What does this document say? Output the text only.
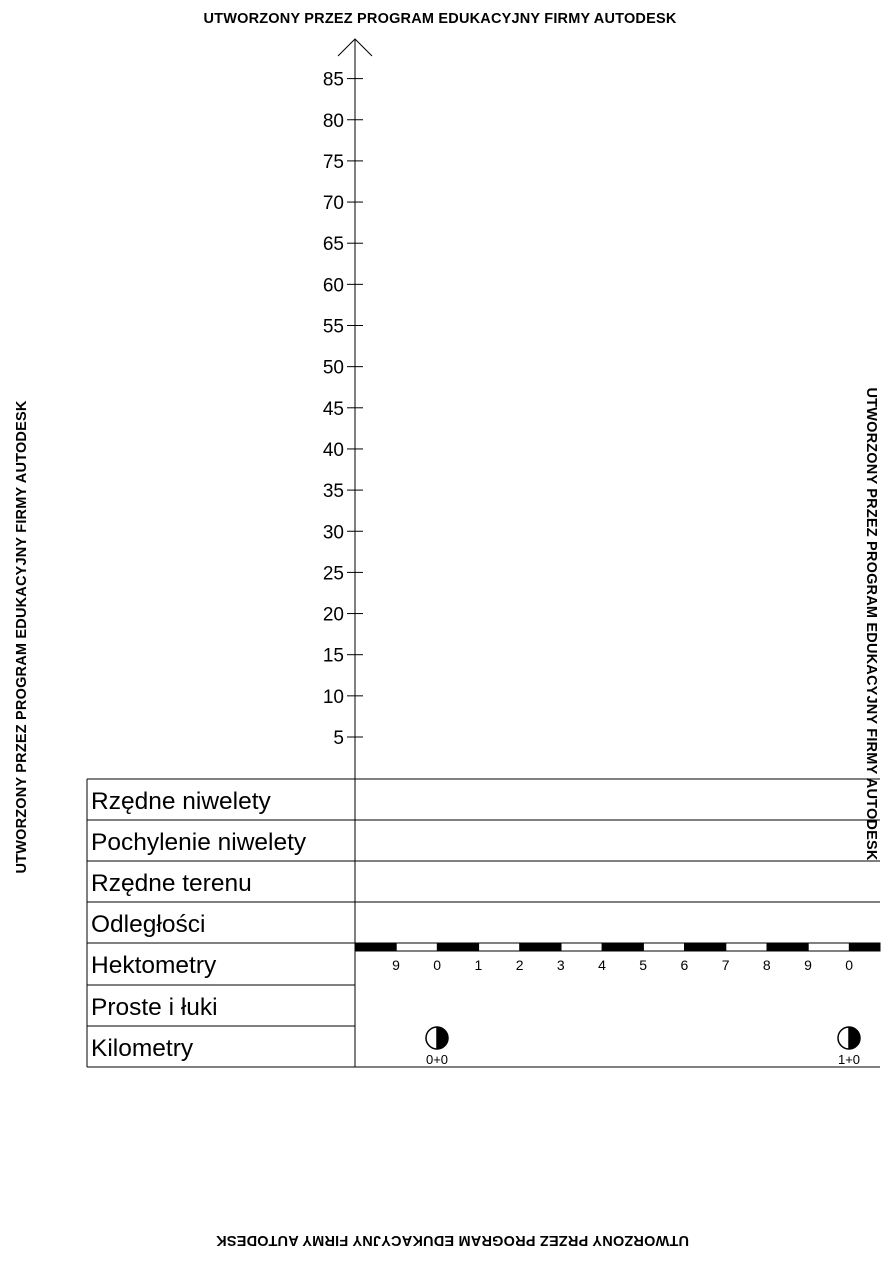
UTWORZONY PRZEZ PROGRAM EDUKACYJNY FIRMY AUTODESK
UTWORZONY PRZEZ PROGRAM EDUKACYJNY FIRMY AUTODESK
UTWORZONY PRZEZ PROGRAM EDUKACYJNY FIRMY AUTODESK	UTWORZONY PRZEZ PROGRAM EDUKACYJNY FIRMY AUTODESK
5
10
15
20
25
30
35
40
45
50
55
60
65
70
75
80
85
Rzędne niwelety
Pochylenie niwelety
Rzędne terenu
Odległości
Hektometry
Proste i łuki
Kilometry
9 0 1 2 3 4 5 6 7 8 9 0
0+0	1+0
